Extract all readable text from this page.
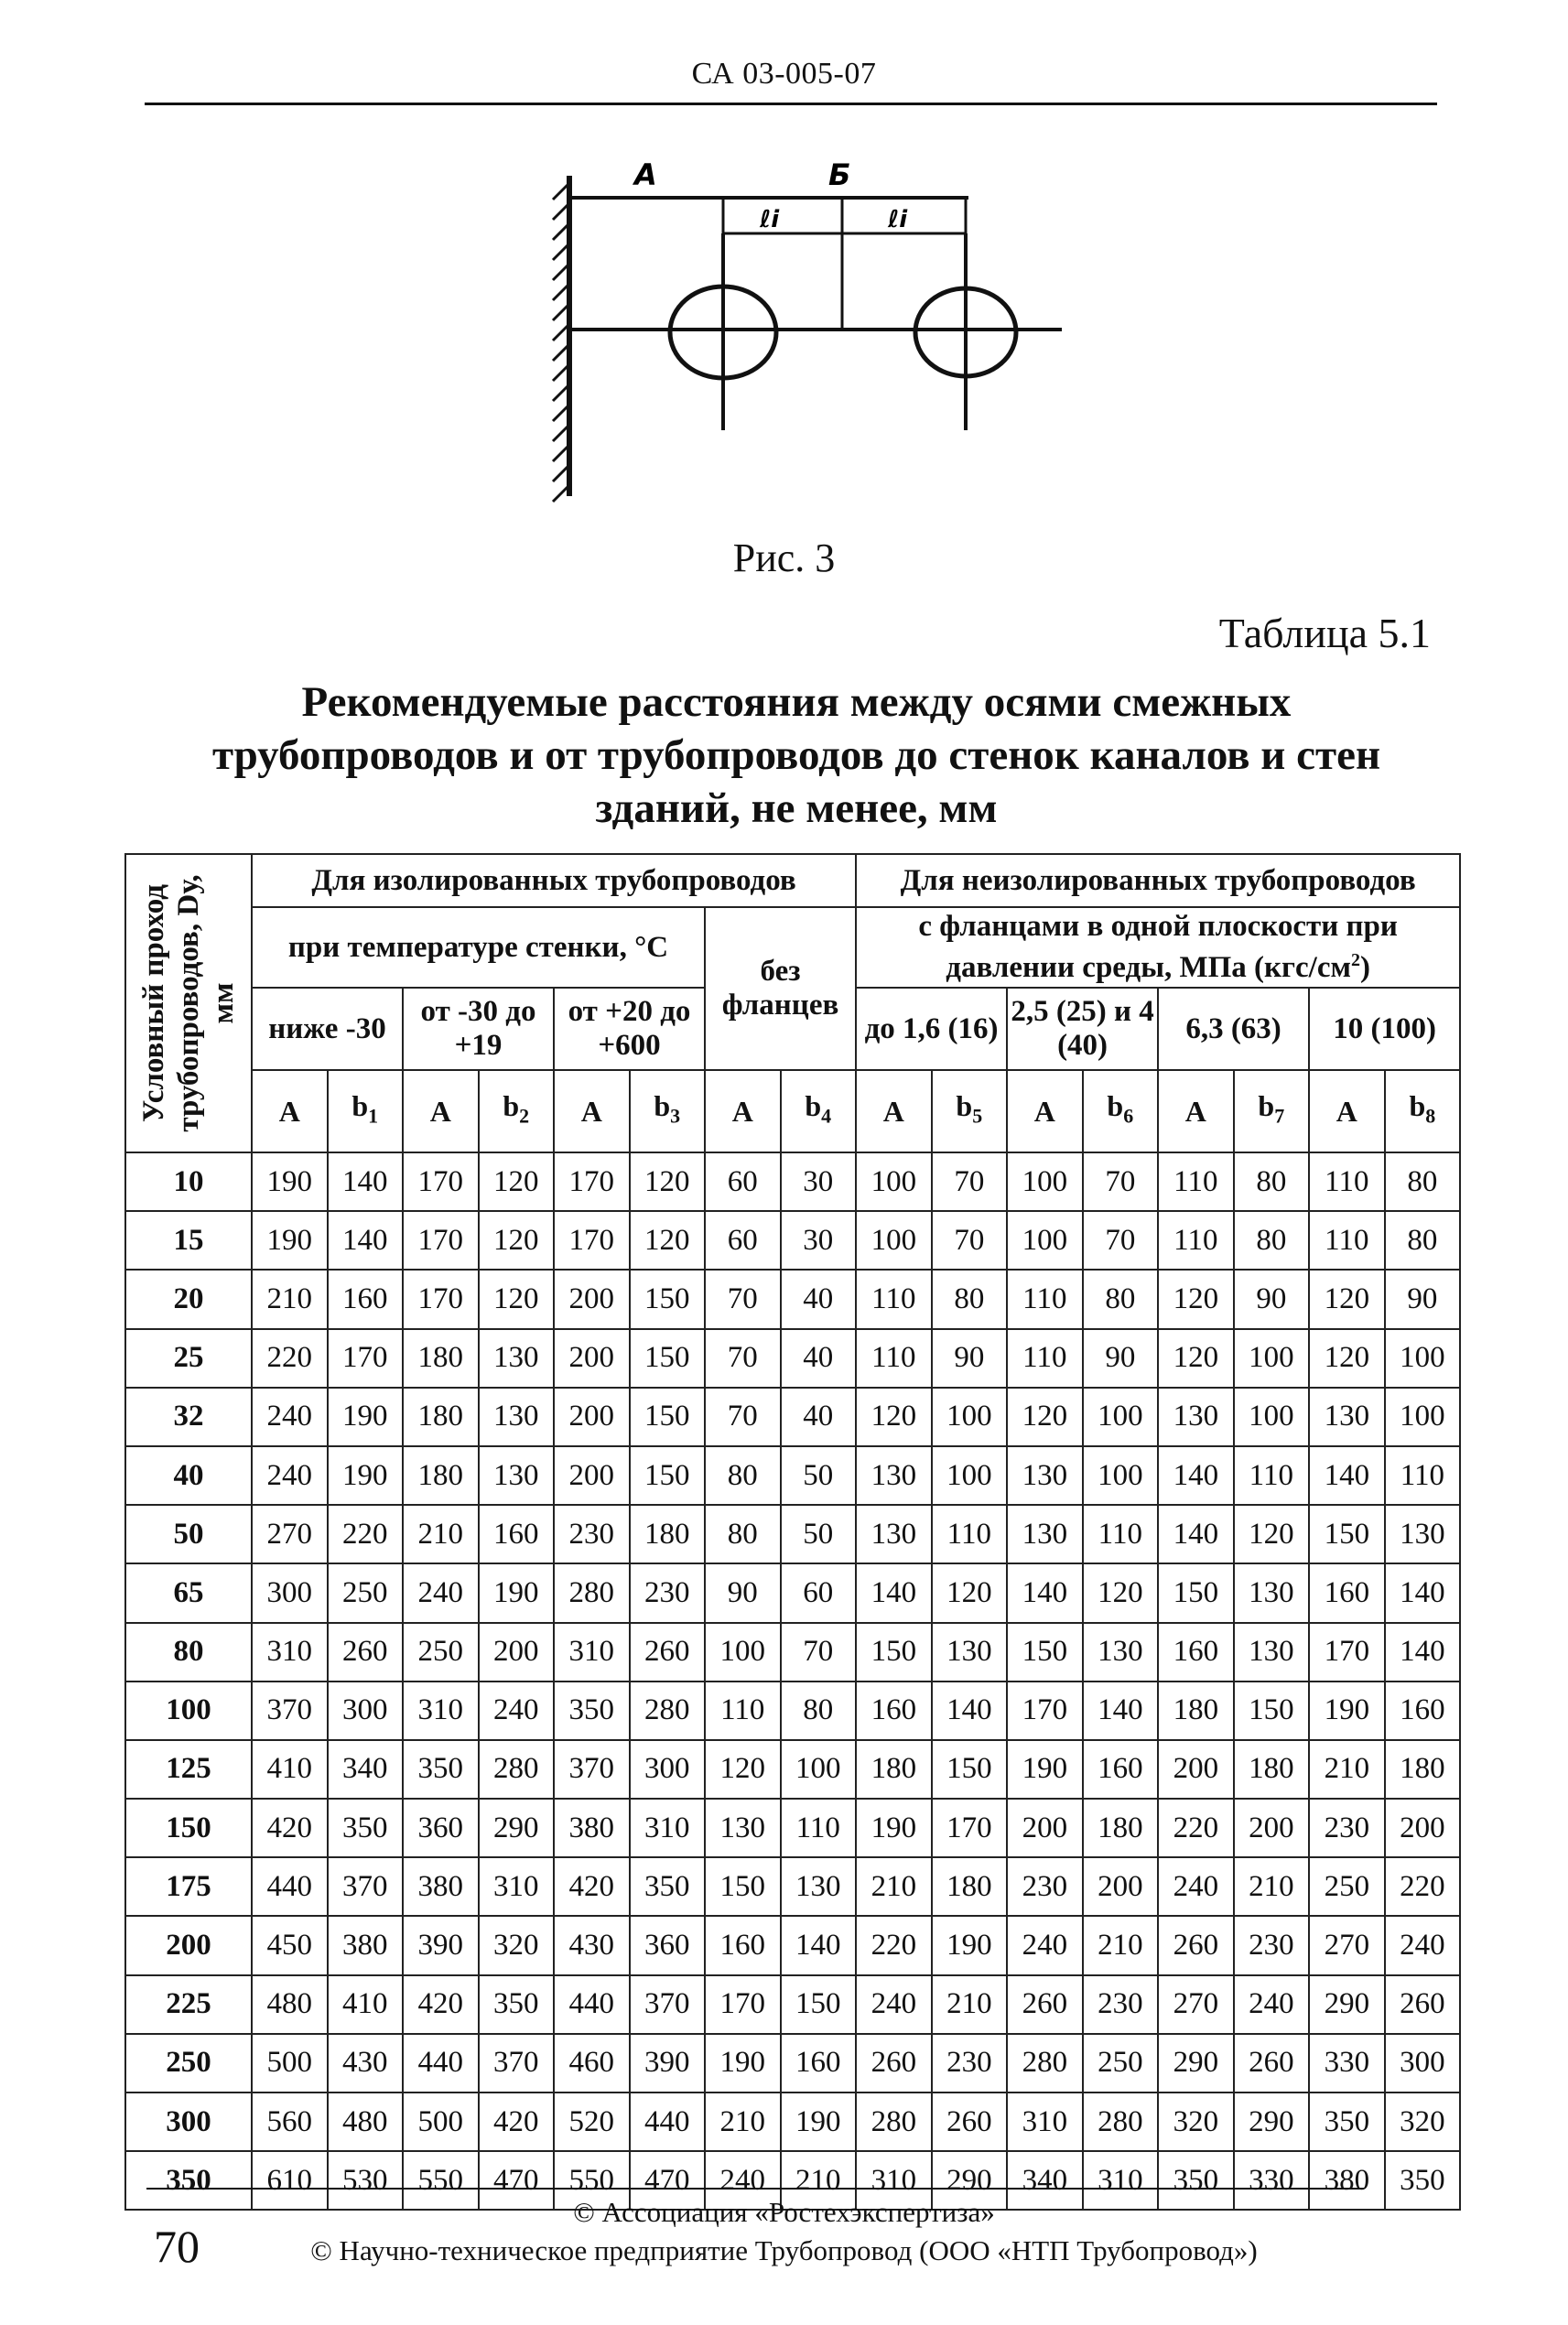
СА 03-005-07
А	Б
ℓi	ℓi
Рис. 3
Таблица 5.1
Рекомендуемые расстояния между осями смежных трубопроводов и от трубопроводов до стенок каналов и стен зданий, не менее, мм
Условный проход трубопроводов, Dу, мм	Для изолированных трубопроводов								Для неизолированных трубопроводов							
	при температуре стенки, °С						без фланцев		с фланцами в одной плоскости при давлении среды, МПа $(кгс/см^2)$							
	ниже -30		от -30 до +19		от +20 до +600				до 1,6 (16)		2,5 (25) и 4 (40)		6,3 (63)		10 (100)	
	А	$b_1$	А	$b_2$	А	$b_3$	А	$b_4$	А	$b_5$	А	$b_6$	А	$b_7$	А	$b_8$
10	190	140	170	120	170	120	60	30	100	70	100	70	110	80	110	80
15	190	140	170	120	170	120	60	30	100	70	100	70	110	80	110	80
20	210	160	170	120	200	150	70	40	110	80	110	80	120	90	120	90
25	220	170	180	130	200	150	70	40	110	90	110	90	120	100	120	100
32	240	190	180	130	200	150	70	40	120	100	120	100	130	100	130	100
40	240	190	180	130	200	150	80	50	130	100	130	100	140	110	140	110
50	270	220	210	160	230	180	80	50	130	110	130	110	140	120	150	130
65	300	250	240	190	280	230	90	60	140	120	140	120	150	130	160	140
80	310	260	250	200	310	260	100	70	150	130	150	130	160	130	170	140
100	370	300	310	240	350	280	110	80	160	140	170	140	180	150	190	160
125	410	340	350	280	370	300	120	100	180	150	190	160	200	180	210	180
150	420	350	360	290	380	310	130	110	190	170	200	180	220	200	230	200
175	440	370	380	310	420	350	150	130	210	180	230	200	240	210	250	220
200	450	380	390	320	430	360	160	140	220	190	240	210	260	230	270	240
225	480	410	420	350	440	370	170	150	240	210	260	230	270	240	290	260
250	500	430	440	370	460	390	190	160	260	230	280	250	290	260	330	300
300	560	480	500	420	520	440	210	190	280	260	310	280	320	290	350	320
350	610	530	550	470	550	470	240	210	310	290	340	310	350	330	380	350
70
© Ассоциация «Ростехэкспертиза»
© Научно-техническое предприятие Трубопровод (ООО «НТП Трубопровод»)
